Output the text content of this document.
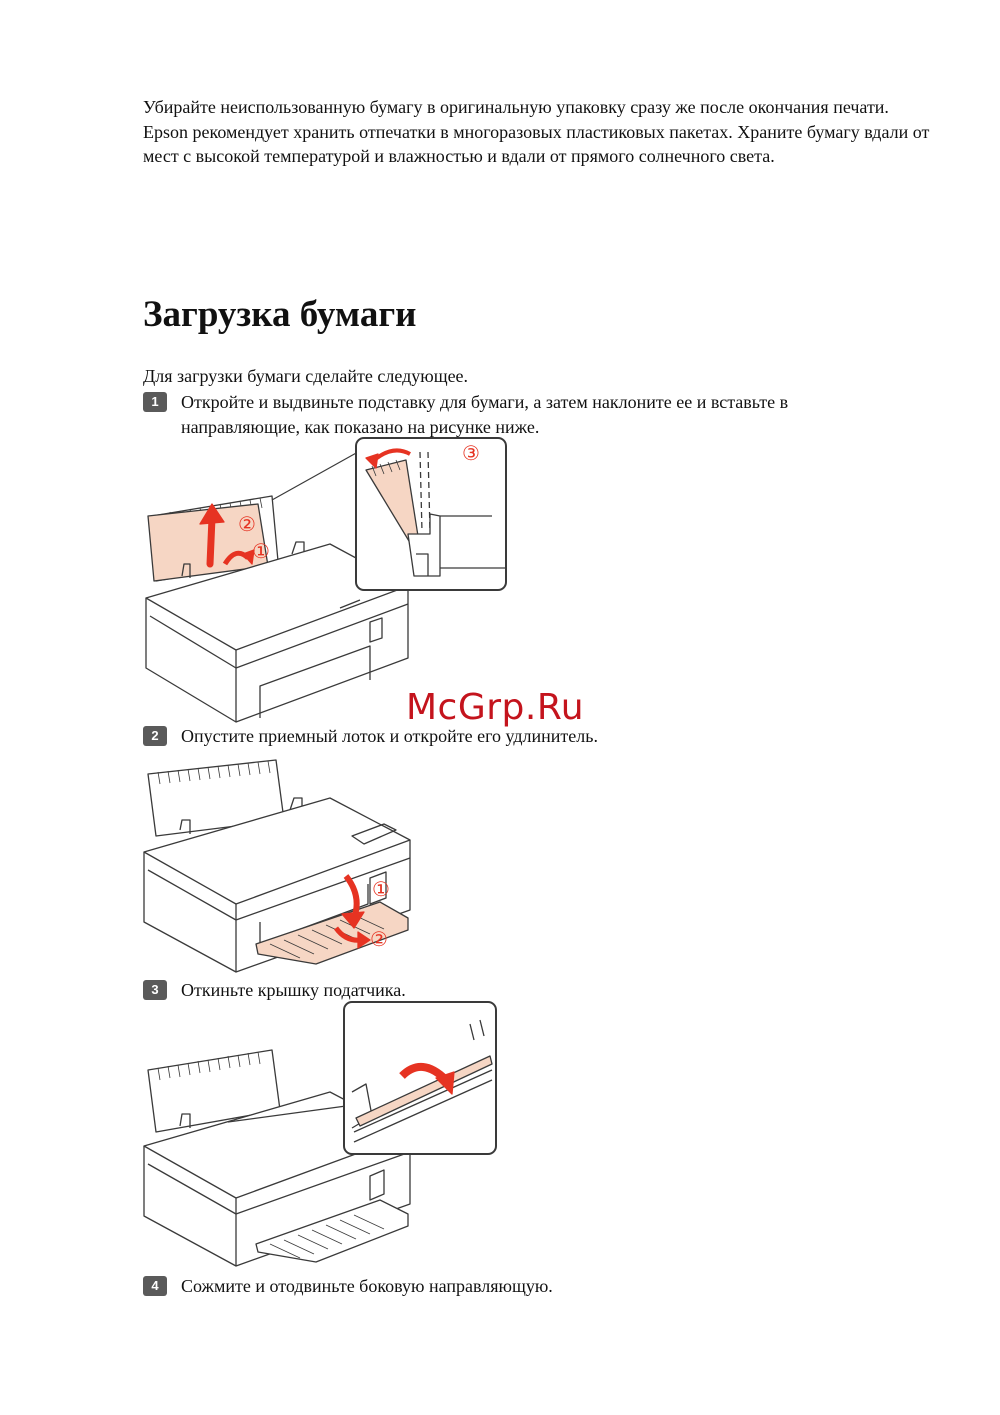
Убирайте неиспользованную бумагу в оригинальную упаковку сразу же после окончания печати. Epson рекомендует хранить отпечатки в многоразовых пластиковых пакетах. Храните бумагу вдали от мест с высокой температурой и влажностью и вдали от прямого солнечного света.

Загрузка бумаги

Для загрузки бумаги сделайте следующее.

1	Откройте и выдвиньте подставку для бумаги, а затем наклоните ее и вставьте в направляющие, как показано на рисунке ниже.
②
①
③
McGrp.Ru
2	Опустите приемный лоток и откройте его удлинитель.
①
②
3	Откиньте крышку податчика.
4	Сожмите и отодвиньте боковую направляющую.
